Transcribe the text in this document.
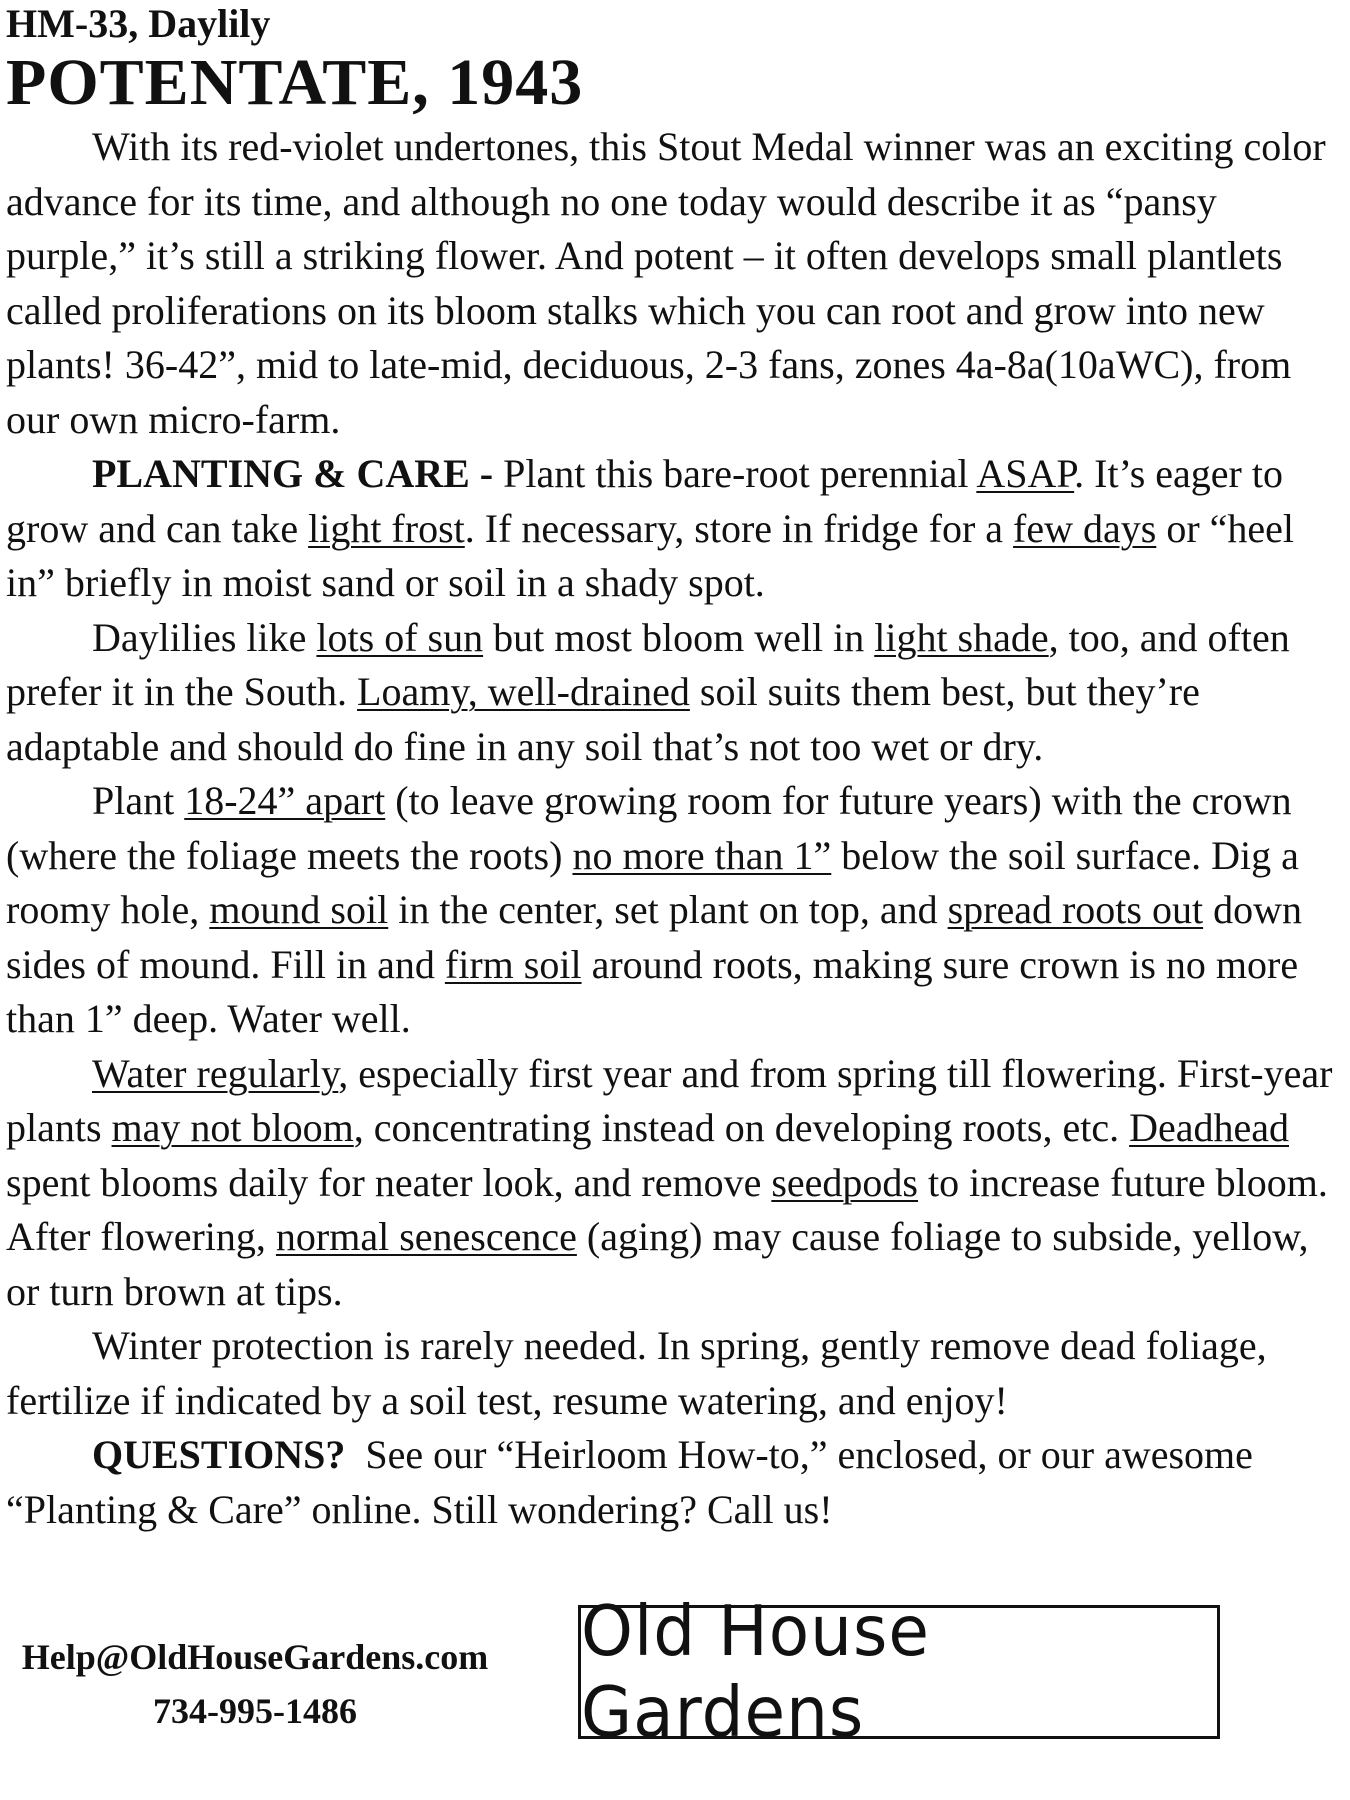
HM-33, Daylily
POTENTATE, 1943

With its red-violet undertones, this Stout Medal winner was an exciting color advance for its time, and although no one today would describe it as “pansy purple,” it’s still a striking flower. And potent – it often develops small plantlets called proliferations on its bloom stalks which you can root and grow into new plants! 36-42”, mid to late-mid, deciduous, 2-3 fans, zones 4a-8a(10aWC), from our own micro-farm.

PLANTING & CARE - Plant this bare-root perennial ASAP. It’s eager to grow and can take light frost. If necessary, store in fridge for a few days or “heel in” briefly in moist sand or soil in a shady spot.

Daylilies like lots of sun but most bloom well in light shade, too, and often prefer it in the South. Loamy, well-drained soil suits them best, but they’re adaptable and should do fine in any soil that’s not too wet or dry.

Plant 18-24” apart (to leave growing room for future years) with the crown (where the foliage meets the roots) no more than 1” below the soil surface. Dig a roomy hole, mound soil in the center, set plant on top, and spread roots out down sides of mound. Fill in and firm soil around roots, making sure crown is no more than 1” deep. Water well.

Water regularly, especially first year and from spring till flowering. First-year plants may not bloom, concentrating instead on developing roots, etc. Deadhead spent blooms daily for neater look, and remove seedpods to increase future bloom. After flowering, normal senescence (aging) may cause foliage to subside, yellow, or turn brown at tips.

Winter protection is rarely needed. In spring, gently remove dead foliage, fertilize if indicated by a soil test, resume watering, and enjoy!

QUESTIONS?  See our “Heirloom How-to,” enclosed, or our awesome “Planting & Care” online. Still wondering? Call us!

Help@OldHouseGardens.com
734-995-1486
Old House Gardens
